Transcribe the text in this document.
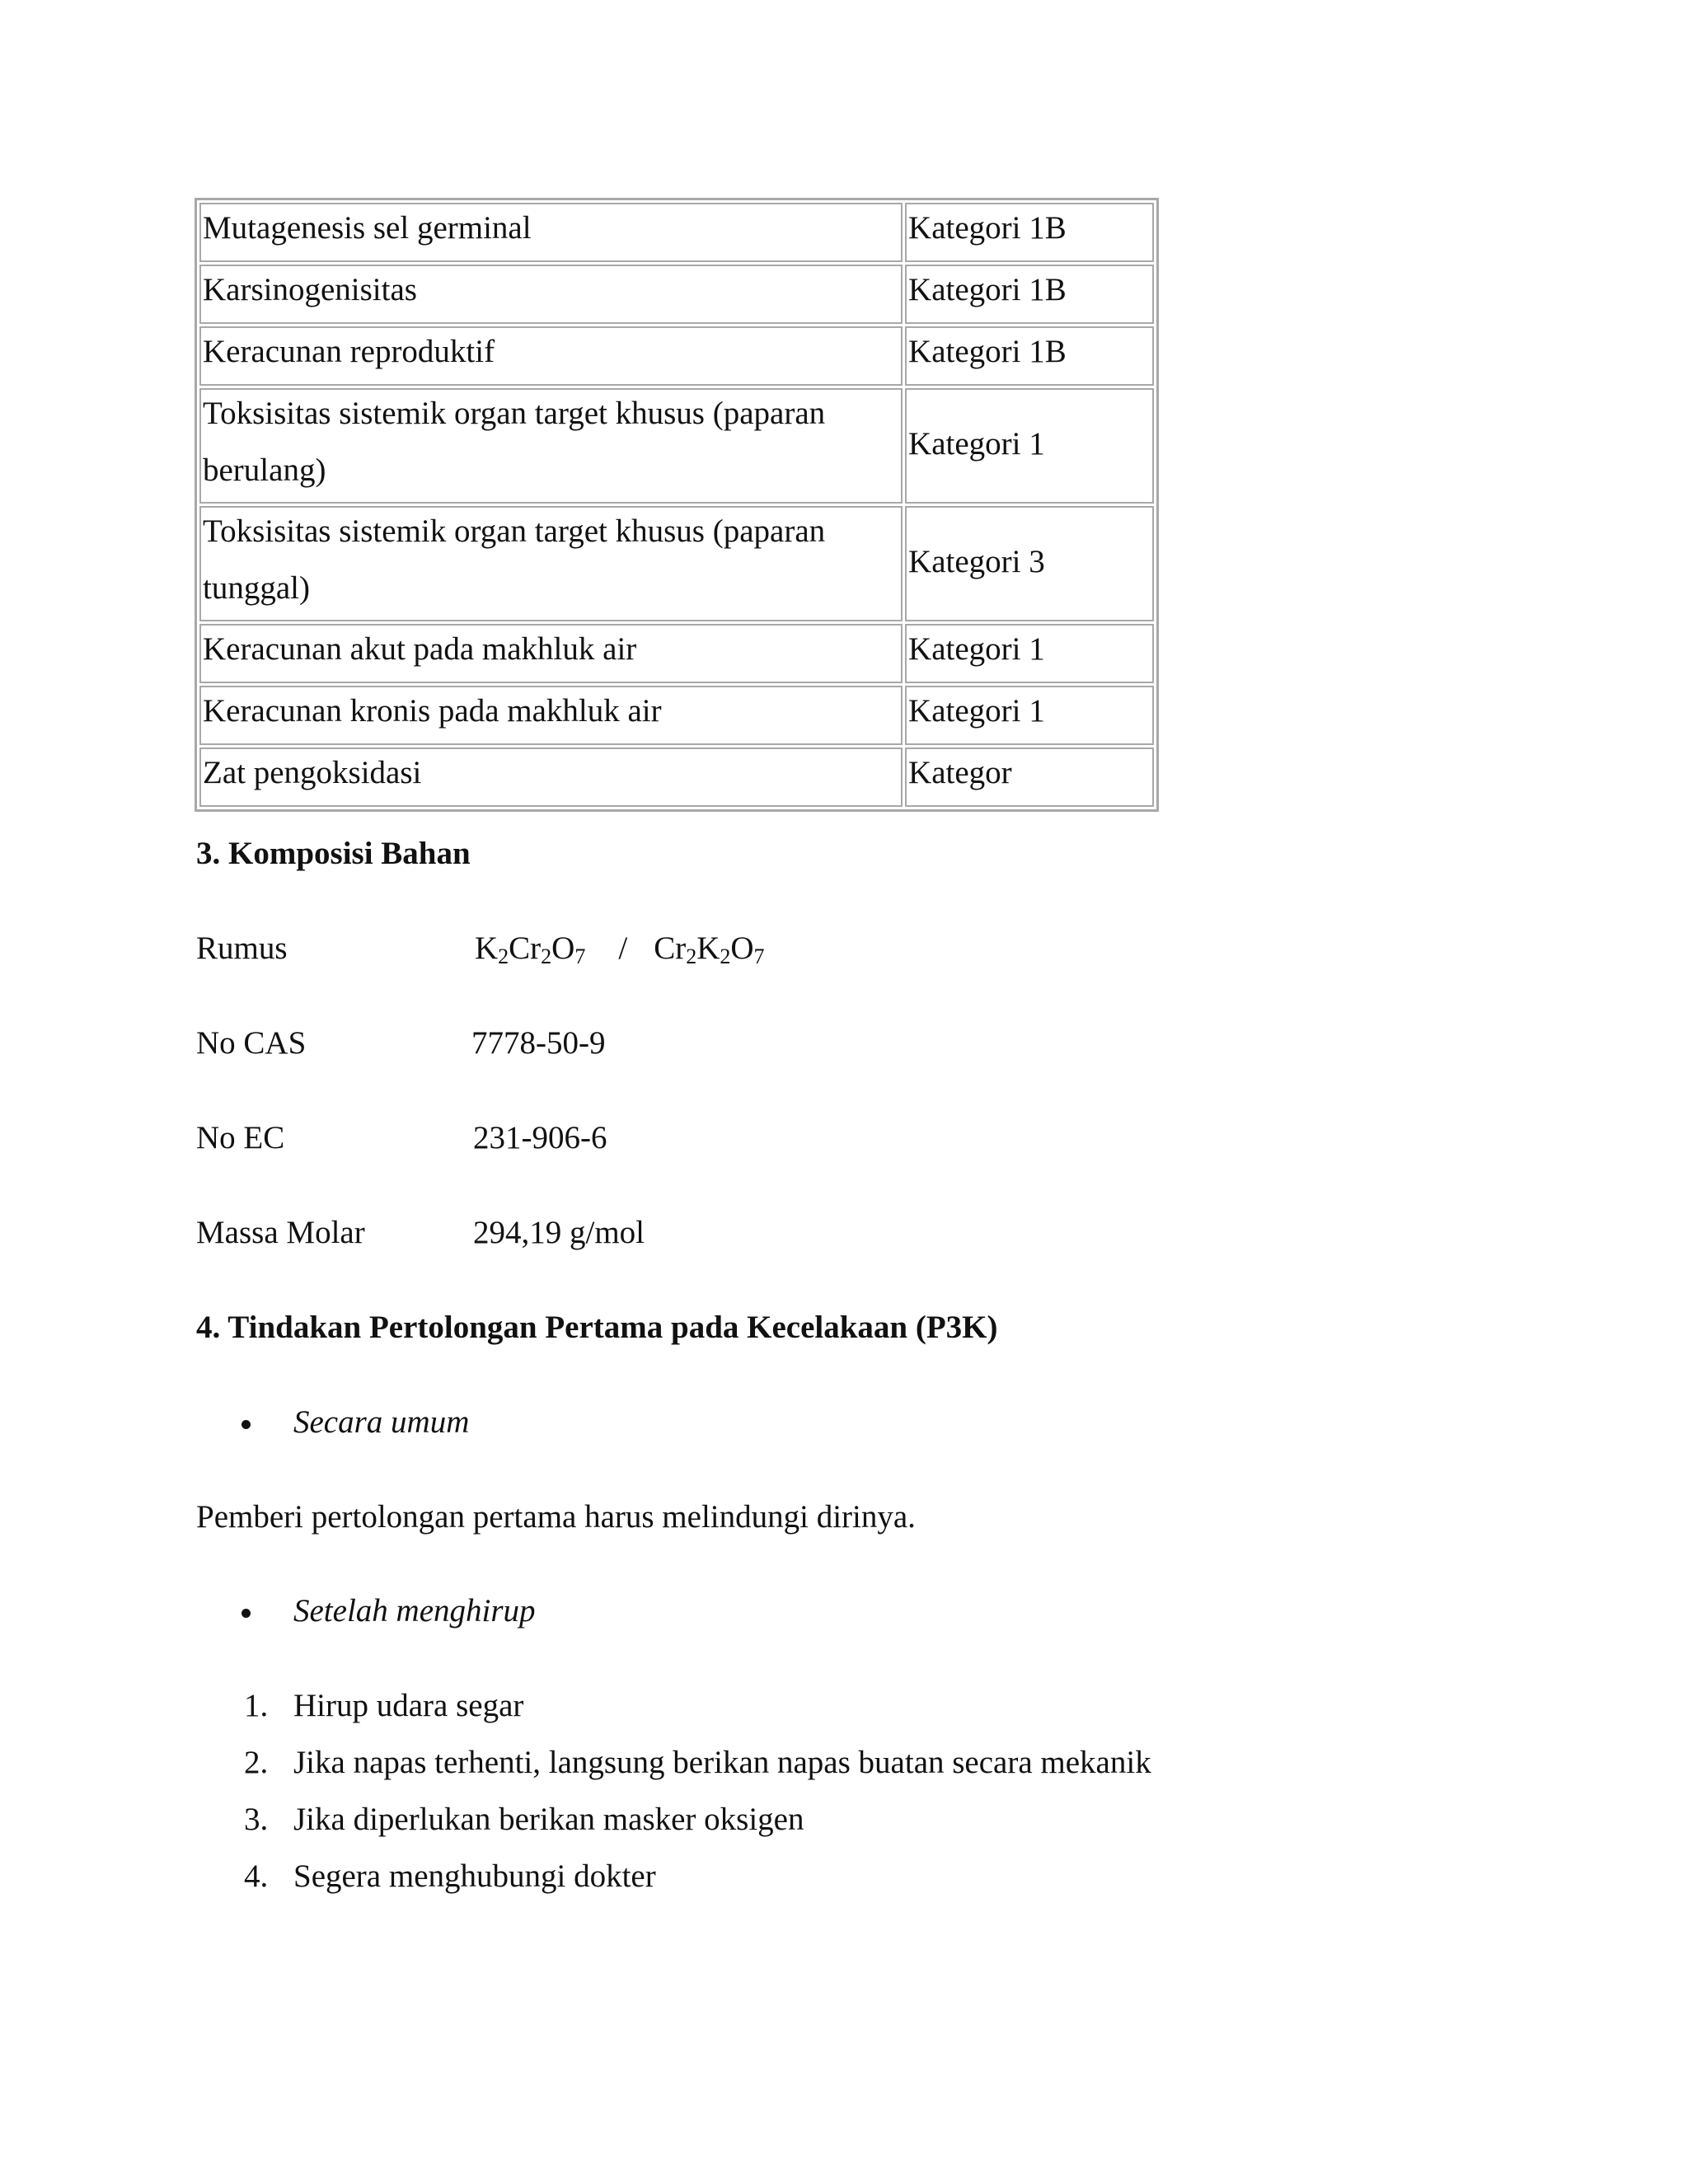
Mutagenesis sel germinal	Kategori 1B

Karsinogenisitas	Kategori 1B

Keracunan reproduktif	Kategori 1B

Toksisitas sistemik organ target khusus (paparan berulang)	Kategori 1

Toksisitas sistemik organ target khusus (paparan tunggal)	Kategori 3

Keracunan akut pada makhluk air	Kategori 1

Keracunan kronis pada makhluk air	Kategori 1

Zat pengoksidasi	Kategor
3. Komposisi Bahan
Rumus	$K_2Cr_2O_7 / Cr_2K_2O_7$
No CAS	7778-50-9
No EC	231-906-6
Massa Molar	294,19 g/mol
4. Tindakan Pertolongan Pertama pada Kecelakaan (P3K)
Secara umum

Pemberi pertolongan pertama harus melindungi dirinya.

Setelah menghirup
1. Hirup udara segar
2. Jika napas terhenti, langsung berikan napas buatan secara mekanik
3. Jika diperlukan berikan masker oksigen
4. Segera menghubungi dokter
